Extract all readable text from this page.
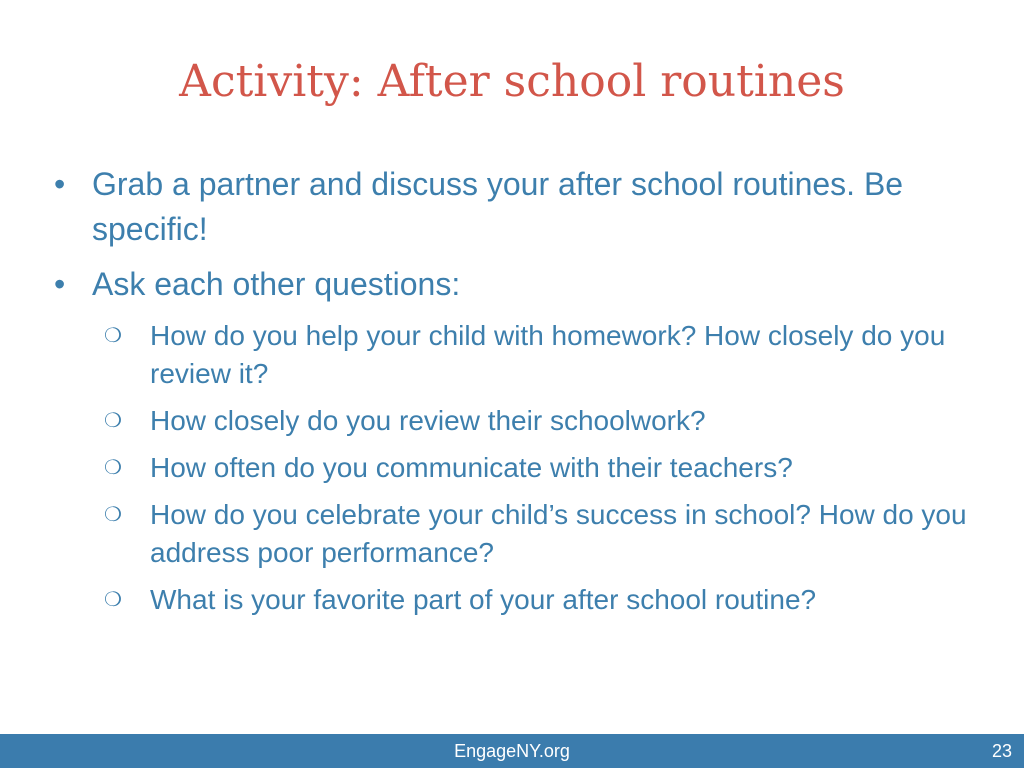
Activity: After school routines
• Grab a partner and discuss your after school routines. Be specific!
• Ask each other questions:
❍ How do you help your child with homework? How closely do you review it?
❍ How closely do you review their schoolwork?
❍ How often do you communicate with their teachers?
❍ How do you celebrate your child’s success in school? How do you address poor performance?
❍ What is your favorite part of your after school routine?
EngageNY.org	23
